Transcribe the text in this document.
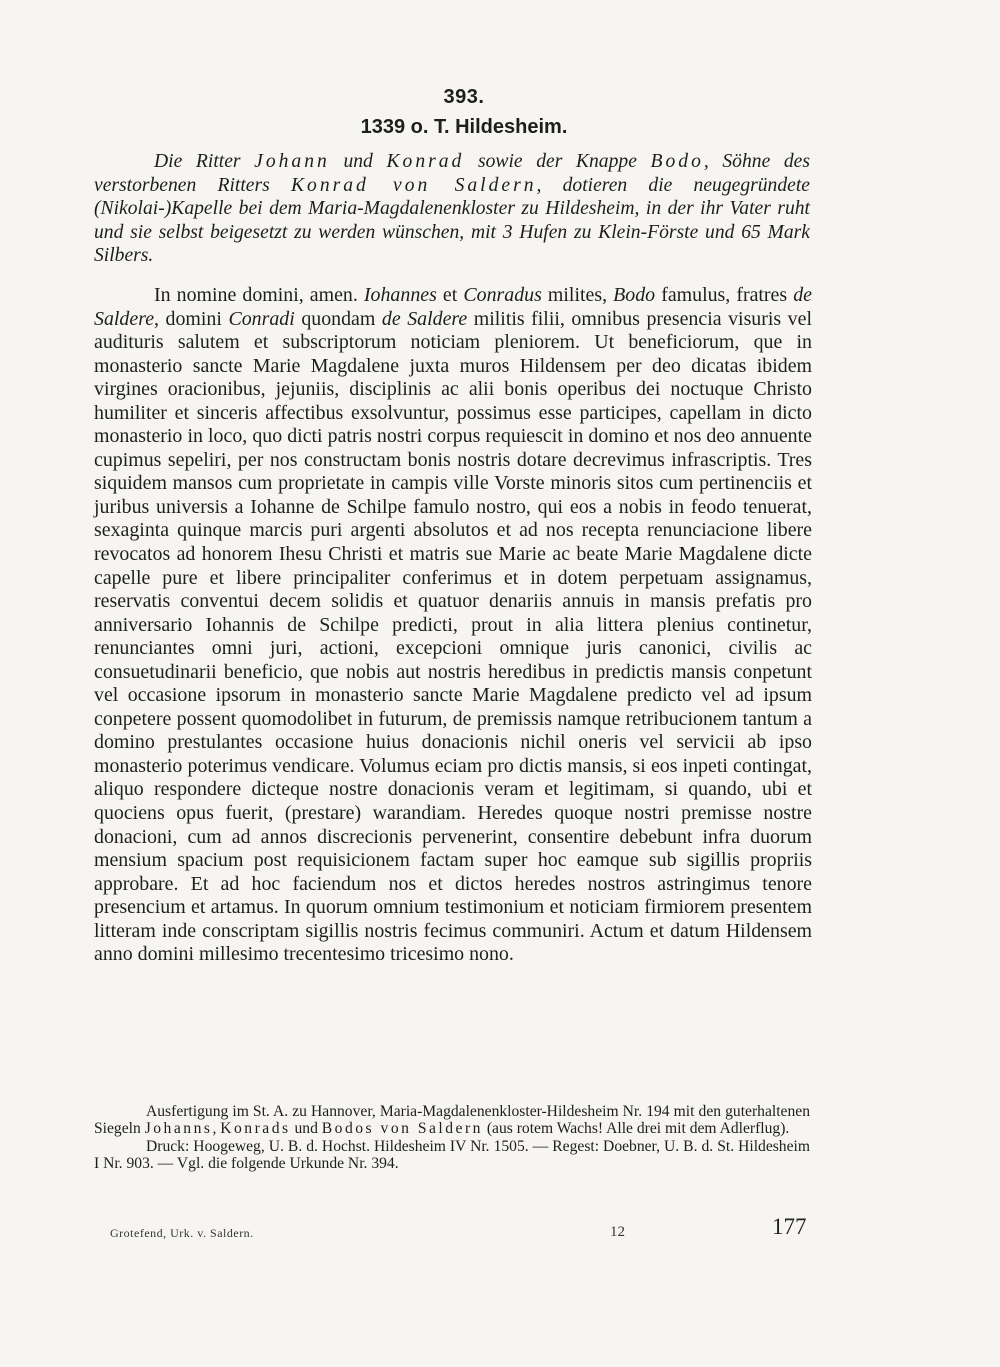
393.
1339 o. T. Hildesheim.
Die Ritter Johann und Konrad sowie der Knappe Bodo, Söhne des verstorbenen Ritters Konrad von Saldern, dotieren die neugegründete (Nikolai-)Kapelle bei dem Maria-Magdalenenkloster zu Hildesheim, in der ihr Vater ruht und sie selbst beigesetzt zu werden wünschen, mit 3 Hufen zu Klein-Förste und 65 Mark Silbers.
In nomine domini, amen. Iohannes et Conradus milites, Bodo famulus, fratres de Saldere, domini Conradi quondam de Saldere militis filii, omnibus presencia visuris vel audituris salutem et subscriptorum noticiam pleniorem. Ut beneficiorum, que in monasterio sancte Marie Magdalene juxta muros Hildensem per deo dicatas ibidem virgines oracionibus, jejuniis, disciplinis ac alii bonis operibus dei noctuque Christo humiliter et sinceris affectibus exsolvuntur, possimus esse participes, capellam in dicto monasterio in loco, quo dicti patris nostri corpus requiescit in domino et nos deo annuente cupimus sepeliri, per nos constructam bonis nostris dotare decrevimus infrascriptis. Tres siquidem mansos cum proprietate in campis ville Vorste minoris sitos cum pertinenciis et juribus universis a Iohanne de Schilpe famulo nostro, qui eos a nobis in feodo tenuerat, sexaginta quinque marcis puri argenti absolutos et ad nos recepta renunciacione libere revocatos ad honorem Ihesu Christi et matris sue Marie ac beate Marie Magdalene dicte capelle pure et libere principaliter conferimus et in dotem perpetuam assignamus, reservatis conventui decem solidis et quatuor denariis annuis in mansis prefatis pro anniversario Iohannis de Schilpe predicti, prout in alia littera plenius continetur, renunciantes omni juri, actioni, excepcioni omnique juris canonici, civilis ac consuetudinarii beneficio, que nobis aut nostris heredibus in predictis mansis conpetunt vel occasione ipsorum in monasterio sancte Marie Magdalene predicto vel ad ipsum conpetere possent quomodolibet in futurum, de premissis namque retribucionem tantum a domino prestulantes occasione huius donacionis nichil oneris vel servicii ab ipso monasterio poterimus vendicare. Volumus eciam pro dictis mansis, si eos inpeti contingat, aliquo respondere dicteque nostre donacionis veram et legitimam, si quando, ubi et quociens opus fuerit, (prestare) warandiam. Heredes quoque nostri premisse nostre donacioni, cum ad annos discrecionis pervenerint, consentire debebunt infra duorum mensium spacium post requisicionem factam super hoc eamque sub sigillis propriis approbare. Et ad hoc faciendum nos et dictos heredes nostros astringimus tenore presencium et artamus. In quorum omnium testimonium et noticiam firmiorem presentem litteram inde conscriptam sigillis nostris fecimus communiri. Actum et datum Hildensem anno domini millesimo trecentesimo tricesimo nono.

Ausfertigung im St. A. zu Hannover, Maria-Magdalenenkloster-Hildesheim Nr. 194 mit den guterhaltenen Siegeln Johanns, Konrads und Bodos von Saldern (aus rotem Wachs! Alle drei mit dem Adlerflug).

Druck: Hoogeweg, U. B. d. Hochst. Hildesheim IV Nr. 1505. — Regest: Doebner, U. B. d. St. Hildesheim I Nr. 903. — Vgl. die folgende Urkunde Nr. 394.

Grotefend, Urk. v. Saldern.	12	177
